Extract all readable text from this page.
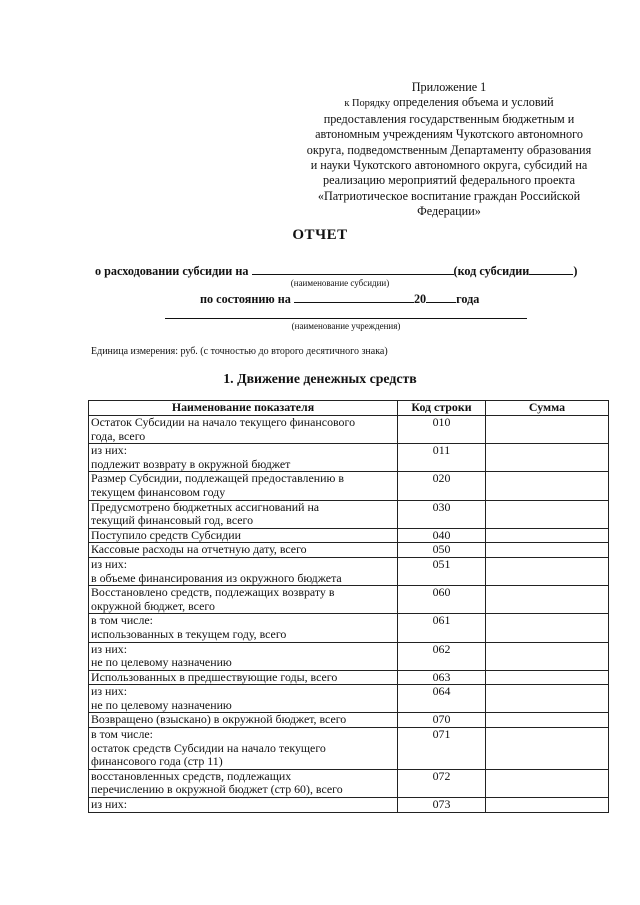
Приложение 1
к Порядку определения объема и условий
предоставления государственным бюджетным и
автономным учреждениям Чукотского автономного
округа, подведомственным Департаменту образования
и науки Чукотского автономного округа, субсидий на
реализацию мероприятий федерального проекта
«Патриотическое воспитание граждан Российской
Федерации»
ОТЧЕТ
о расходовании субсидии на	(код субсидии	)
(наименование субсидии)
по состоянию на	20 года
(наименование учреждения)
Единица измерения: руб. (с точностью до второго десятичного знака)
1. Движение денежных средств
Наименование показателя	Код строки	Сумма

Остаток Субсидии на начало текущего финансового
года, всего	010	

из них:
подлежит возврату в окружной бюджет	011	

Размер Субсидии, подлежащей предоставлению в
текущем финансовом году	020	

Предусмотрено бюджетных ассигнований на
текущий финансовый год, всего	030	

Поступило средств Субсидии	040	

Кассовые расходы на отчетную дату, всего	050	

из них:
в объеме финансирования из окружного бюджета	051	

Восстановлено средств, подлежащих возврату в
окружной бюджет, всего	060	

в том числе:
использованных в текущем году, всего	061	

из них:
не по целевому назначению	062	

Использованных в предшествующие годы, всего	063	

из них:
не по целевому назначению	064	

Возвращено (взыскано) в окружной бюджет, всего	070	

в том числе:
остаток средств Субсидии на начало текущего
финансового года (стр 11)	071	

восстановленных средств, подлежащих
перечислению в окружной бюджет (стр 60), всего	072	

из них:	073	
